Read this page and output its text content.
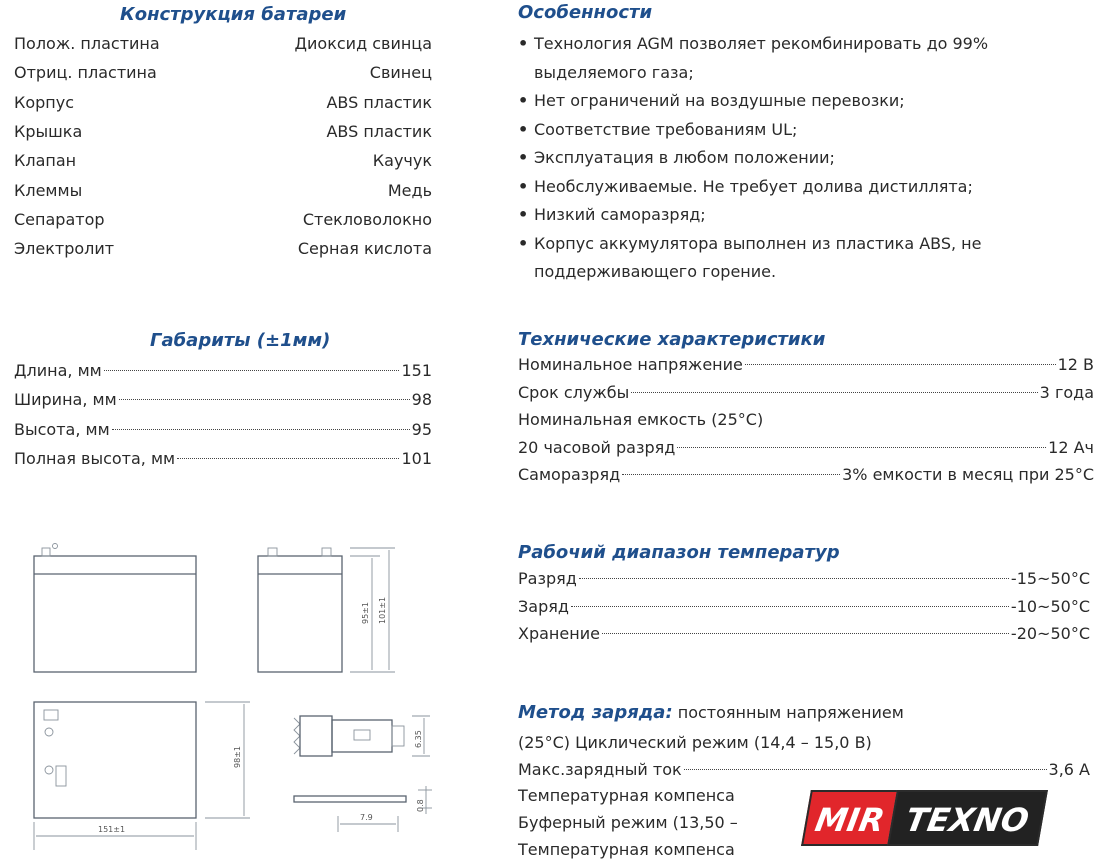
Конструкция батареи
Полож. пластина	Диоксид свинца
Отриц. пластина	Свинец
Корпус	ABS пластик
Крышка	ABS пластик
Клапан	Каучук
Клеммы	Медь
Сепаратор	Стекловолокно
Электролит	Серная кислота
Особенности
• Технология AGM позволяет рекомбинировать до 99% выделяемого газа;
• Нет ограничений на воздушные перевозки;
• Соответствие требованиям UL;
• Эксплуатация в любом положении;
• Необслуживаемые. Не требует долива дистиллята;
• Низкий саморазряд;
• Корпус аккумулятора выполнен из пластика ABS, не поддерживающего горение.
Габариты (±1мм)
Длина, мм	151
Ширина, мм	98
Высота, мм	95
Полная высота, мм	101
Технические характеристики
Номинальное напряжение	12 В
Срок службы	3 года
Номинальная емкость (25°С)
20 часовой разряд	12 Ач
Саморазряд	3% емкости в месяц при 25°С
Рабочий диапазон температур
Разряд	-15~50°С
Заряд	-10~50°С
Хранение	-20~50°С
Метод заряда: постоянным напряжением
(25°С) Циклический режим (14,4 – 15,0 В)
Макс.зарядный ток	3,6 А
Температурная компенса
Буферный режим (13,50 –
Температурная компенса
95±1 101±1
98±1
151±1
6.35
0.8
7.9	MIR TEXNO
